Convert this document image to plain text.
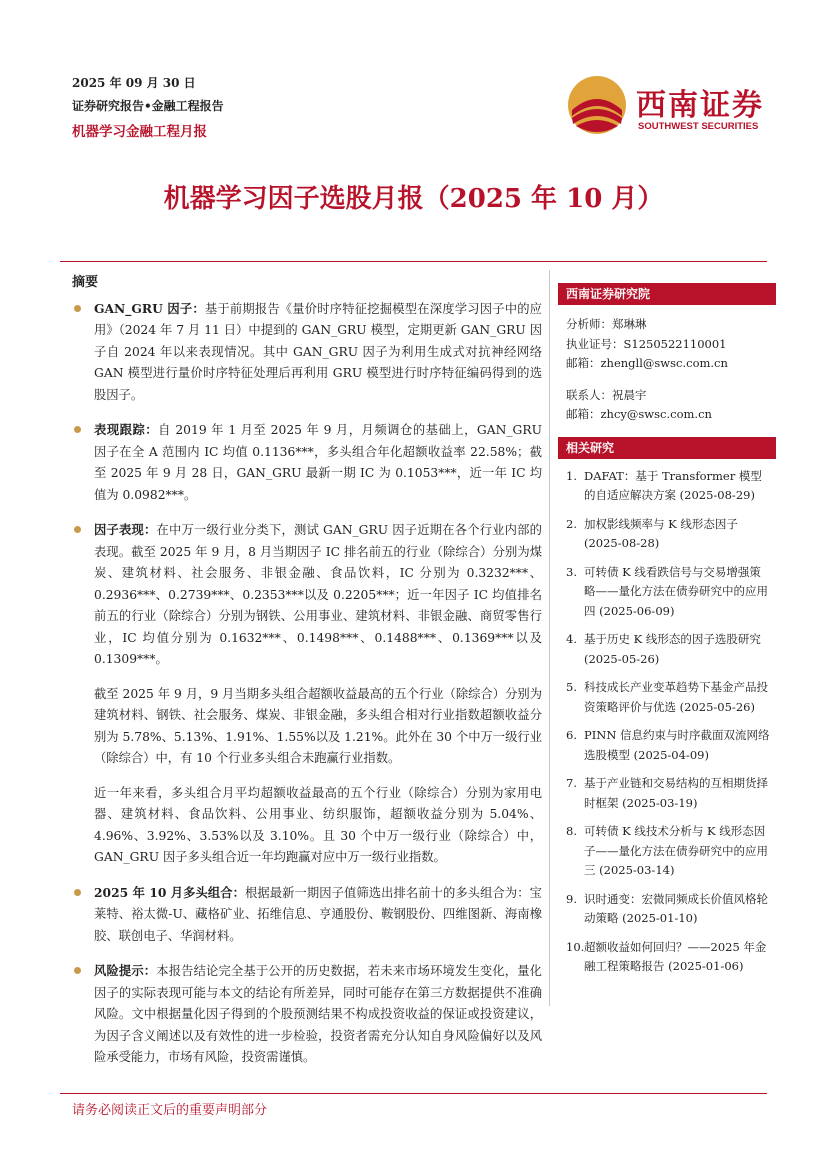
2025 年 09 月 30 日
证券研究报告•金融工程报告
机器学习金融工程月报
西南证券
SOUTHWEST SECURITIES
机器学习因子选股月报（2025 年 10 月）
摘要
GAN_GRU 因子：基于前期报告《量价时序特征挖掘模型在深度学习因子中的应用》（2024 年 7 月 11 日）中提到的 GAN_GRU 模型，定期更新 GAN_GRU 因子自 2024 年以来表现情况。其中 GAN_GRU 因子为利用生成式对抗神经网络 GAN 模型进行量价时序特征处理后再利用 GRU 模型进行时序特征编码得到的选股因子。
表现跟踪：自 2019 年 1 月至 2025 年 9 月，月频调仓的基础上，GAN_GRU 因子在全 A 范围内 IC 均值 0.1136***，多头组合年化超额收益率 22.58%；截至 2025 年 9 月 28 日，GAN_GRU 最新一期 IC 为 0.1053***，近一年 IC 均值为 0.0982***。
因子表现：在中万一级行业分类下，测试 GAN_GRU 因子近期在各个行业内部的表现。截至 2025 年 9 月，8 月当期因子 IC 排名前五的行业（除综合）分别为煤炭、建筑材料、社会服务、非银金融、食品饮料，IC 分别为 0.3232***、0.2936***、0.2739***、0.2353***以及 0.2205***；近一年因子 IC 均值排名前五的行业（除综合）分别为钢铁、公用事业、建筑材料、非银金融、商贸零售行业，IC 均值分别为 0.1632***、0.1498***、0.1488***、0.1369***以及 0.1309***。
截至 2025 年 9 月，9 月当期多头组合超额收益最高的五个行业（除综合）分别为建筑材料、钢铁、社会服务、煤炭、非银金融，多头组合相对行业指数超额收益分别为 5.78%、5.13%、1.91%、1.55%以及 1.21%。此外在 30 个中万一级行业（除综合）中，有 10 个行业多头组合未跑赢行业指数。
近一年来看，多头组合月平均超额收益最高的五个行业（除综合）分别为家用电器、建筑材料、食品饮料、公用事业、纺织服饰，超额收益分别为 5.04%、4.96%、3.92%、3.53%以及 3.10%。且 30 个中万一级行业（除综合）中，GAN_GRU 因子多头组合近一年均跑赢对应中万一级行业指数。
2025 年 10 月多头组合：根据最新一期因子值筛选出排名前十的多头组合为：宝莱特、裕太微-U、藏格矿业、拓维信息、亨通股份、鞍钢股份、四维图新、海南橡胶、联创电子、华润材料。
风险提示：本报告结论完全基于公开的历史数据，若未来市场环境发生变化，量化因子的实际表现可能与本文的结论有所差异，同时可能存在第三方数据提供不准确风险。文中根据量化因子得到的个股预测结果不构成投资收益的保证或投资建议，为因子含义阐述以及有效性的进一步检验，投资者需充分认知自身风险偏好以及风险承受能力，市场有风险，投资需谨慎。
西南证券研究院
分析师：郑琳琳
执业证号：S1250522110001
邮箱：zhengll@swsc.com.cn
联系人：祝晨宇
邮箱：zhcy@swsc.com.cn
相关研究
1. DAFAT：基于 Transformer 模型的自适应解决方案 (2025-08-29)
2. 加权影线频率与 K 线形态因子 (2025-08-28)
3. 可转债 K 线看跌信号与交易增强策略——量化方法在债券研究中的应用四 (2025-06-09)
4. 基于历史 K 线形态的因子选股研究 (2025-05-26)
5. 科技成长产业变革趋势下基金产品投资策略评价与优选 (2025-05-26)
6. PINN 信息约束与时序截面双流网络选股模型 (2025-04-09)
7. 基于产业链和交易结构的互相期货择时框架 (2025-03-19)
8. 可转债 K 线技术分析与 K 线形态因子——量化方法在债券研究中的应用三 (2025-03-14)
9. 识时通变：宏微同频成长价值风格轮动策略 (2025-01-10)
10. 超额收益如何回归？——2025 年金融工程策略报告 (2025-01-06)
请务必阅读正文后的重要声明部分
